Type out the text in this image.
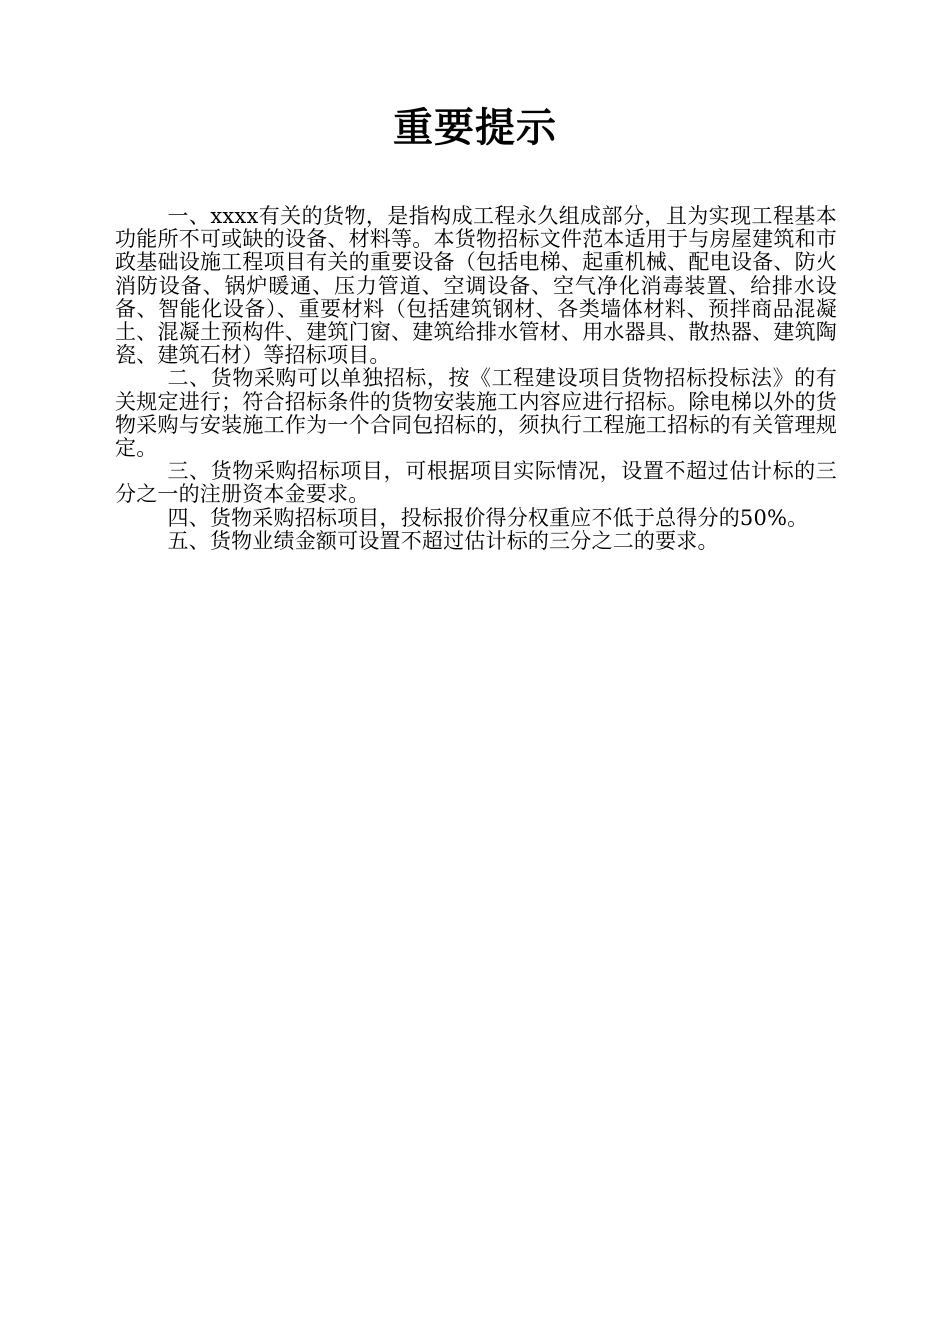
重要提示

一、xxxx有关的货物，是指构成工程永久组成部分，且为实现工程基本功能所不可或缺的设备、材料等。本货物招标文件范本适用于与房屋建筑和市政基础设施工程项目有关的重要设备（包括电梯、起重机械、配电设备、防火消防设备、锅炉暖通、压力管道、空调设备、空气净化消毒装置、给排水设备、智能化设备）、重要材料（包括建筑钢材、各类墙体材料、预拌商品混凝土、混凝土预构件、建筑门窗、建筑给排水管材、用水器具、散热器、建筑陶瓷、建筑石材）等招标项目。

二、货物采购可以单独招标，按《工程建设项目货物招标投标法》的有关规定进行；符合招标条件的货物安装施工内容应进行招标。除电梯以外的货物采购与安装施工作为一个合同包招标的，须执行工程施工招标的有关管理规定。

三、货物采购招标项目，可根据项目实际情况，设置不超过估计标的三分之一的注册资本金要求。

四、货物采购招标项目，投标报价得分权重应不低于总得分的50%。

五、货物业绩金额可设置不超过估计标的三分之二的要求。
